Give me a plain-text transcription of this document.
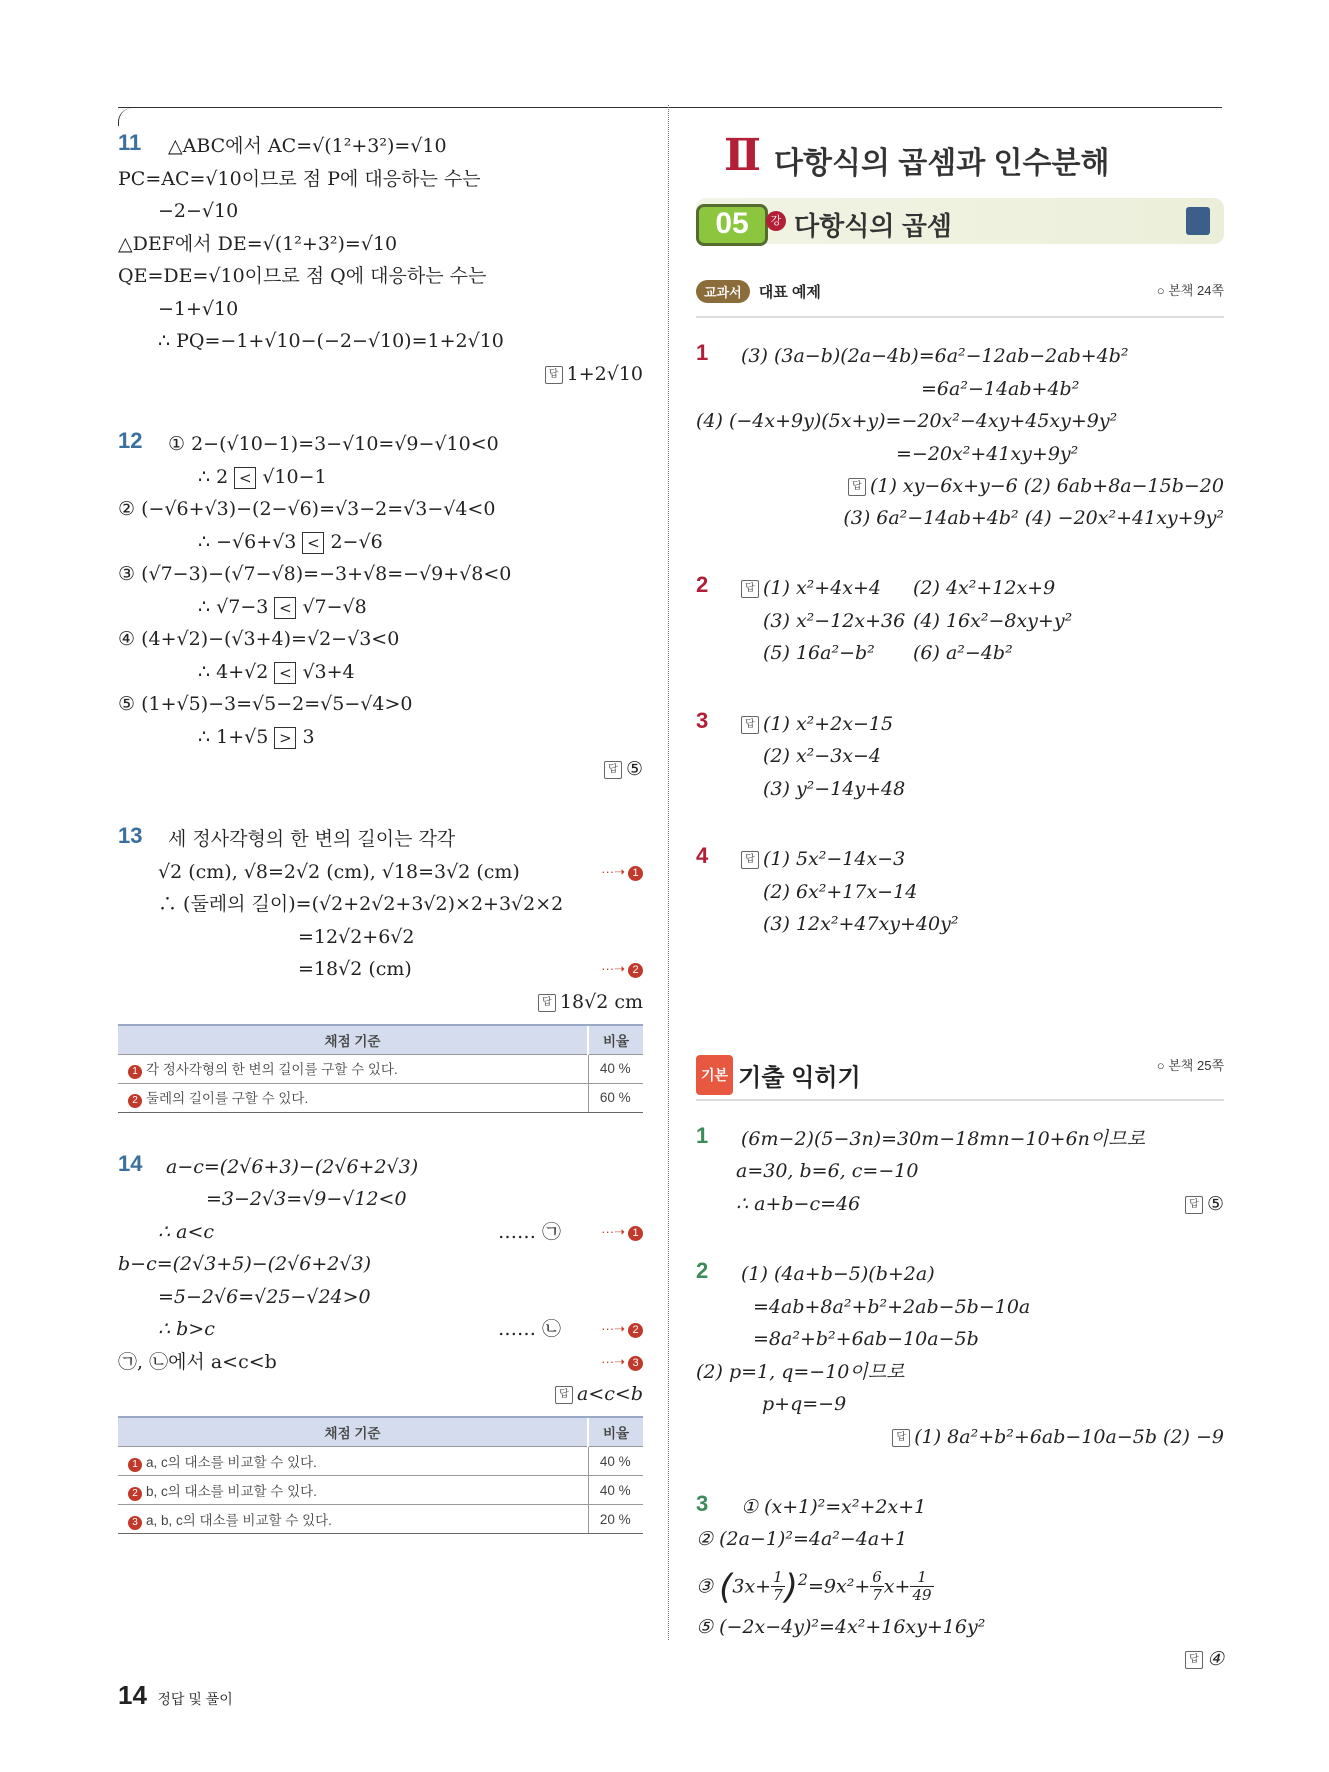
11	△ABC에서 AC=√(1²+3²)=√10
PC=AC=√10이므로 점 P에 대응하는 수는
−2−√10
△DEF에서 DE=√(1²+3²)=√10
QE=DE=√10이므로 점 Q에 대응하는 수는
−1+√10
∴ PQ=−1+√10−(−2−√10)=1+2√10
답 1+2√10
12	① 2−(√10−1)=3−√10=√9−√10<0
∴ 2 < √10−1
② (−√6+√3)−(2−√6)=√3−2=√3−√4<0
∴ −√6+√3 < 2−√6
③ (√7−3)−(√7−√8)=−3+√8=−√9+√8<0
∴ √7−3 < √7−√8
④ (4+√2)−(√3+4)=√2−√3<0
∴ 4+√2 < √3+4
⑤ (1+√5)−3=√5−2=√5−√4>0
∴ 1+√5 > 3
답 ⑤
13	세 정사각형의 한 변의 길이는 각각
√2 (cm), √8=2√2 (cm), √18=3√2 (cm)	···➝ 1
∴ (둘레의 길이)=(√2+2√2+3√2)×2+3√2×2
=12√2+6√2
=18√2 (cm)	···➝ 2
답 18√2 cm
채점 기준	비율
1 각 정사각형의 한 변의 길이를 구할 수 있다.	40 %
2 둘레의 길이를 구할 수 있다.	60 %
14	a−c=(2√6+3)−(2√6+2√3)
=3−2√3=√9−√12<0
∴ a<c	…… ㉠	···➝ 1
b−c=(2√3+5)−(2√6+2√3)
=5−2√6=√25−√24>0
∴ b>c	…… ㉡	···➝ 2
㉠, ㉡에서 a<c<b	···➝ 3
답 a<c<b
채점 기준	비율
1 a, c의 대소를 비교할 수 있다.	40 %
2 b, c의 대소를 비교할 수 있다.	40 %
3 a, b, c의 대소를 비교할 수 있다.	20 %
Ⅱ 다항식의 곱셈과 인수분해
05	강 다항식의 곱셈
교과서 대표 예제	○ 본책 24쪽
1	(3) (3a−b)(2a−4b)=6a²−12ab−2ab+4b²
=6a²−14ab+4b²
(4) (−4x+9y)(5x+y)=−20x²−4xy+45xy+9y²
=−20x²+41xy+9y²
답 (1) xy−6x+y−6 (2) 6ab+8a−15b−20
(3) 6a²−14ab+4b² (4) −20x²+41xy+9y²
2	답 (1) x²+4x+4 (2) 4x²+12x+9
(3) x²−12x+36 (4) 16x²−8xy+y²
(5) 16a²−b² (6) a²−4b²
3	답 (1) x²+2x−15
(2) x²−3x−4
(3) y²−14y+48
4	답 (1) 5x²−14x−3
(2) 6x²+17x−14
(3) 12x²+47xy+40y²
기본 기출 익히기	○ 본책 25쪽
1	(6m−2)(5−3n)=30m−18mn−10+6n이므로
a=30, b=6, c=−10
∴ a+b−c=46	답 ⑤
2	(1) (4a+b−5)(b+2a)
=4ab+8a²+b²+2ab−5b−10a
=8a²+b²+6ab−10a−5b
(2) p=1, q=−10이므로
p+q=−9
답 (1) 8a²+b²+6ab−10a−5b (2) −9
3	① (x+1)²=x²+2x+1
② (2a−1)²=4a²−4a+1
③ $(3x+ \frac{1}{7} )^2=9x^2+ \frac{6}{7} x+ \frac{1}{49}$
⑤ (−2x−4y)²=4x²+16xy+16y²
답 ④
14 정답 및 풀이
